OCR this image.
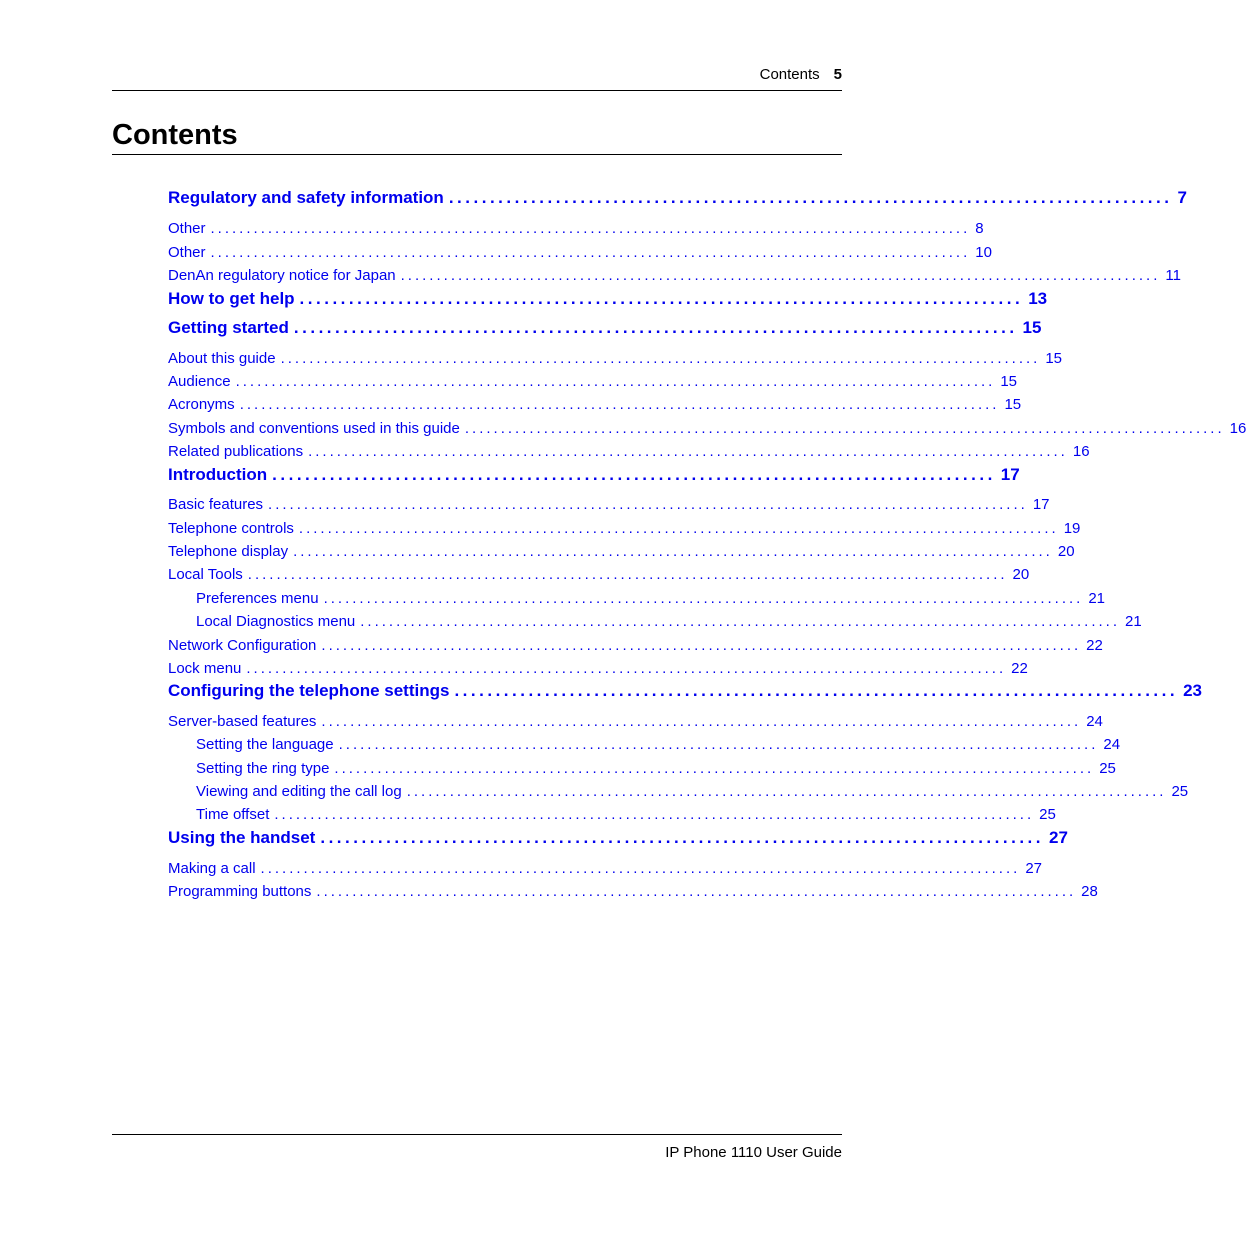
Contents 5
Contents
Regulatory and safety information ........................................................................................ 7
Other .......................................................................................................... 8
Other .......................................................................................................... 10
DenAn regulatory notice for Japan .......................................................................................................... 11
How to get help ........................................................................................ 13
Getting started ........................................................................................ 15
About this guide .......................................................................................................... 15
Audience .......................................................................................................... 15
Acronyms .......................................................................................................... 15
Symbols and conventions used in this guide .......................................................................................................... 16
Related publications .......................................................................................................... 16
Introduction ........................................................................................ 17
Basic features .......................................................................................................... 17
Telephone controls .......................................................................................................... 19
Telephone display .......................................................................................................... 20
Local Tools .......................................................................................................... 20
Preferences menu .......................................................................................................... 21
Local Diagnostics menu .......................................................................................................... 21
Network Configuration .......................................................................................................... 22
Lock menu .......................................................................................................... 22
Configuring the telephone settings ........................................................................................ 23
Server-based features .......................................................................................................... 24
Setting the language .......................................................................................................... 24
Setting the ring type .......................................................................................................... 25
Viewing and editing the call log .......................................................................................................... 25
Time offset .......................................................................................................... 25
Using the handset ........................................................................................ 27
Making a call .......................................................................................................... 27
Programming buttons .......................................................................................................... 28
IP Phone 1110 User Guide
